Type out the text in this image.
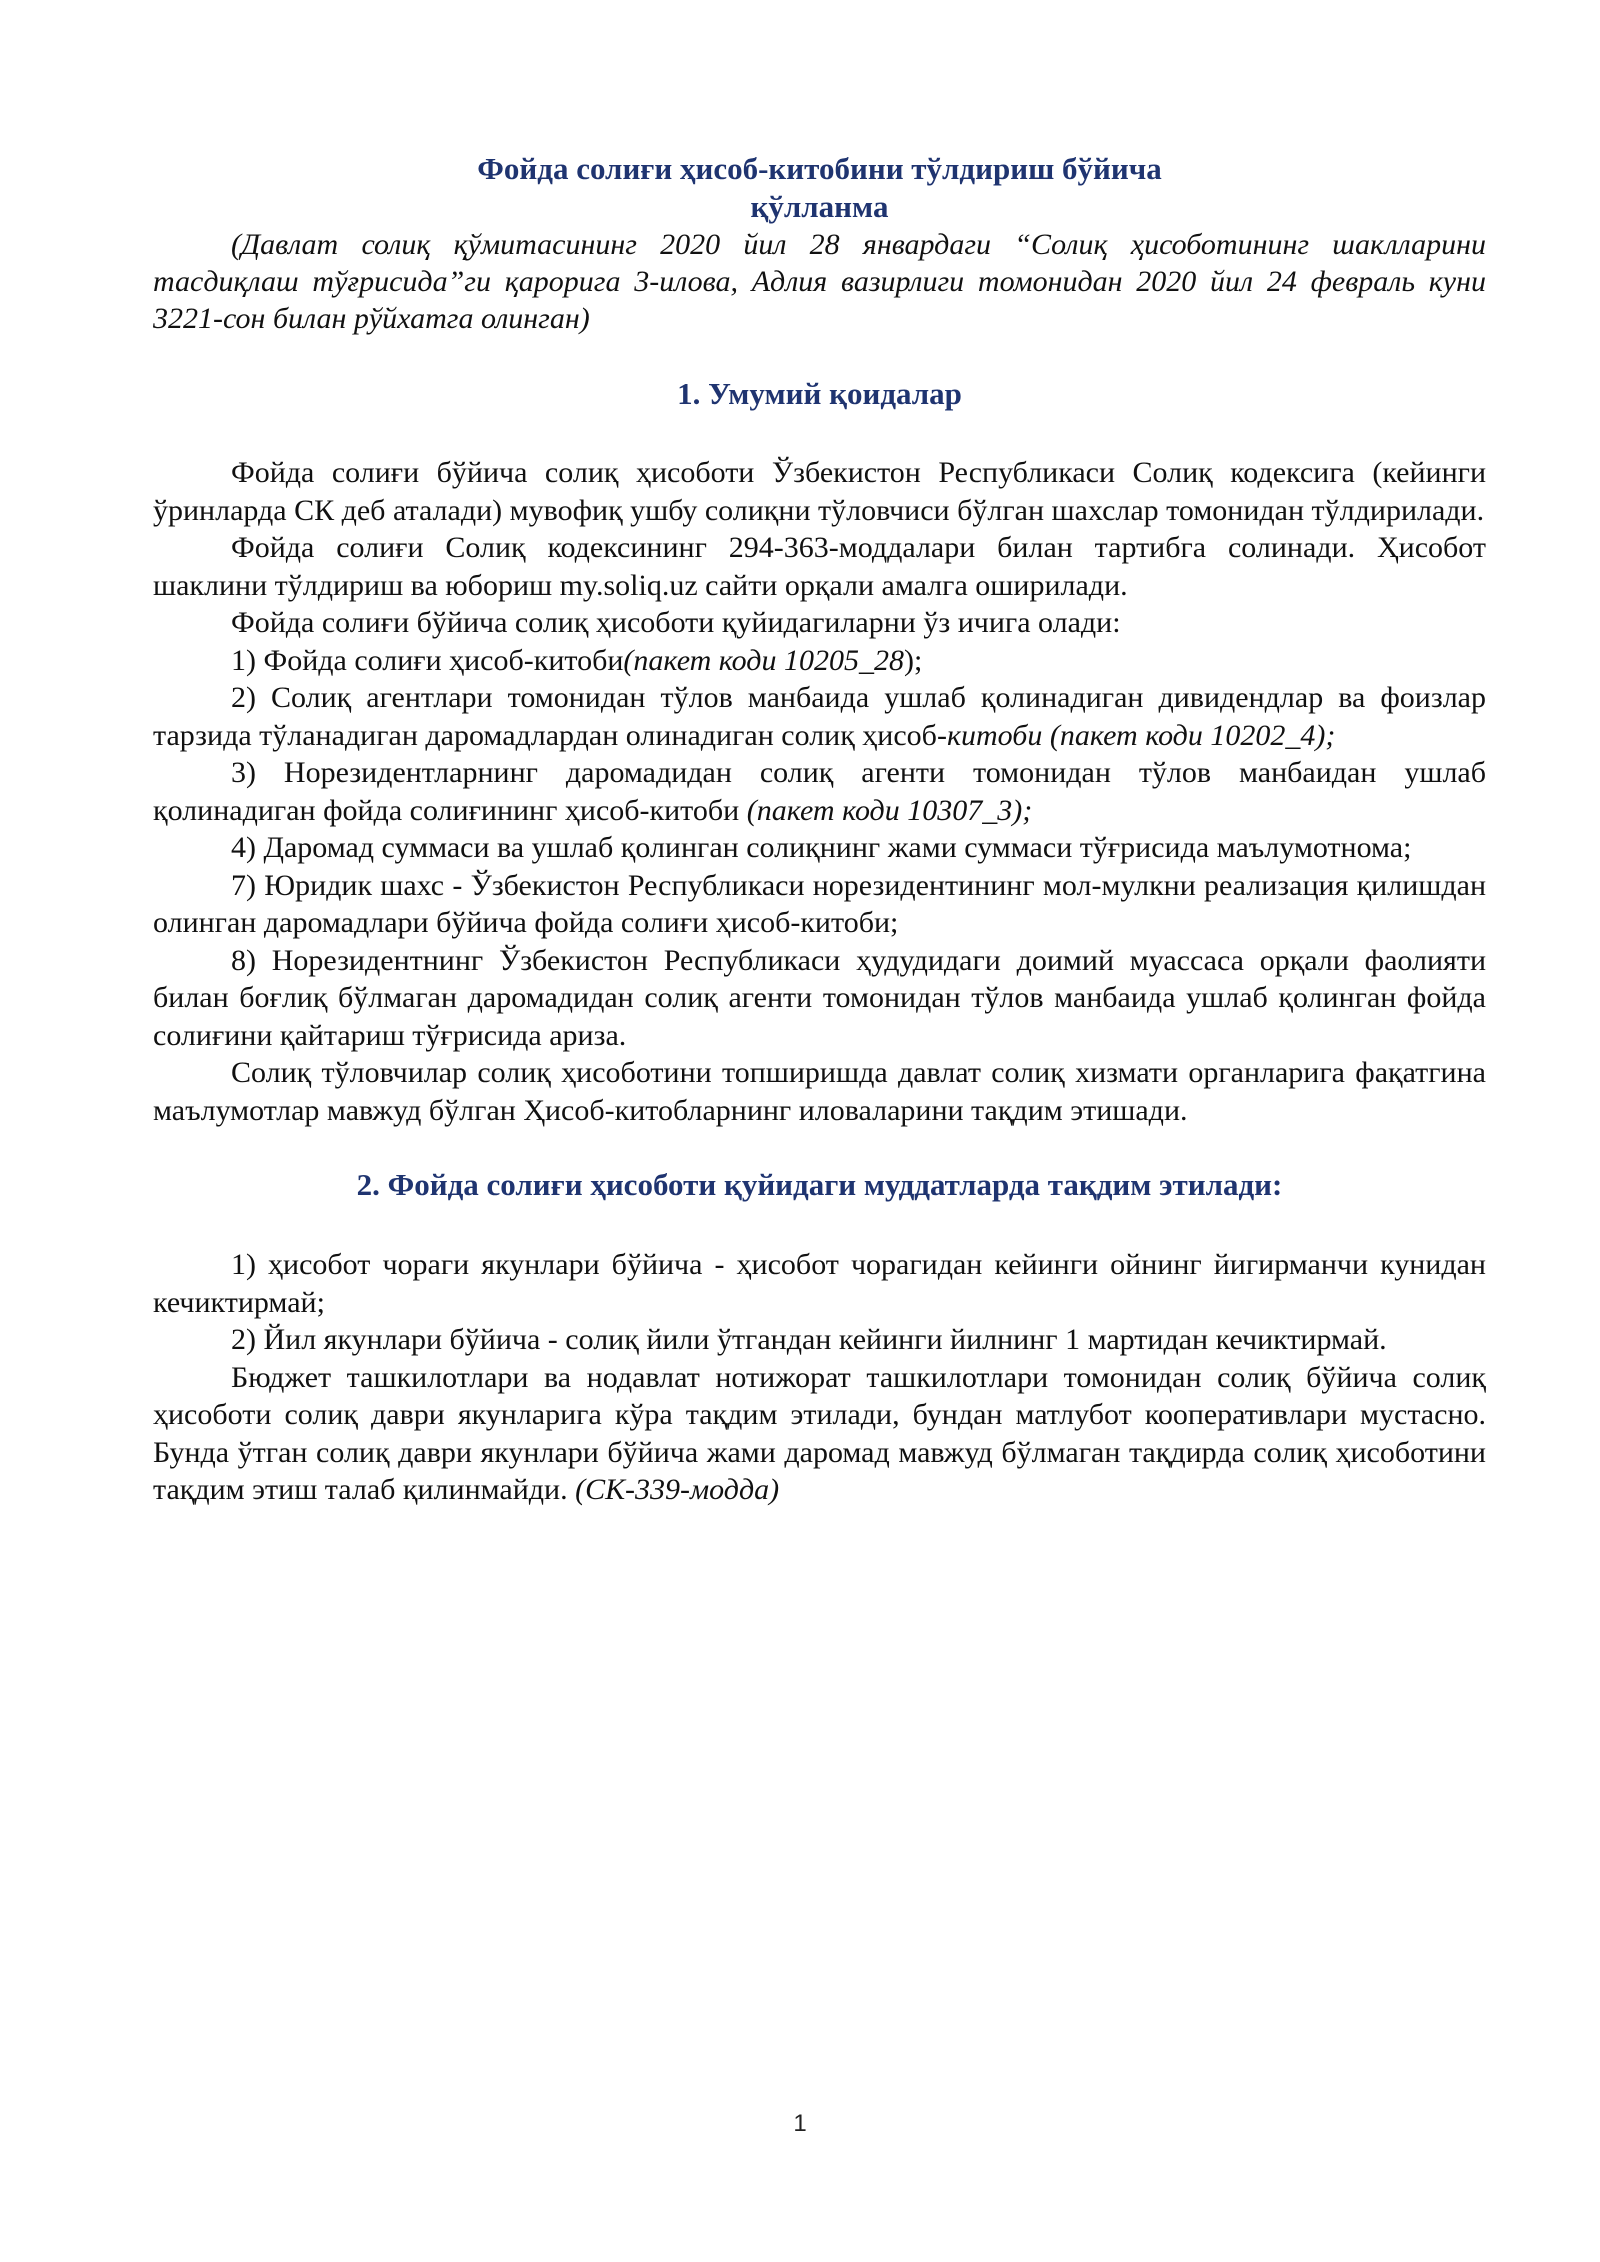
Фойда солиғи ҳисоб-китобини тўлдириш бўйича
қўлланма

(Давлат солиқ қўмитасининг 2020 йил 28 январдаги “Солиқ ҳисоботининг шаклларини тасдиқлаш тўғрисида”ги қарорига 3-илова, Адлия вазирлиги томонидан 2020 йил 24 февраль куни 3221-сон билан рўйхатга олинган)

1. Умумий қоидалар

Фойда солиғи бўйича солиқ ҳисоботи Ўзбекистон Республикаси Солиқ кодексига (кейинги ўринларда СК деб аталади) мувофиқ ушбу солиқни тўловчиси бўлган шахслар томонидан тўлдирилади.

Фойда солиғи Солиқ кодексининг 294-363-моддалари билан тартибга солинади. Ҳисобот шаклини тўлдириш ва юбориш my.soliq.uz сайти орқали амалга оширилади.

Фойда солиғи бўйича солиқ ҳисоботи қуйидагиларни ўз ичига олади:

1) Фойда солиғи ҳисоб-китоби(пакет коди 10205_28);

2) Солиқ агентлари томонидан тўлов манбаида ушлаб қолинадиган дивидендлар ва фоизлар тарзида тўланадиган даромадлардан олинадиган солиқ ҳисоб-китоби (пакет коди 10202_4);

3) Норезидентларнинг даромадидан солиқ агенти томонидан тўлов манбаидан ушлаб қолинадиган фойда солиғининг ҳисоб-китоби (пакет коди 10307_3);

4) Даромад суммаси ва ушлаб қолинган солиқнинг жами суммаси тўғрисида маълумотнома;

7) Юридик шахс - Ўзбекистон Республикаси норезидентининг мол-мулкни реализация қилишдан олинган даромадлари бўйича фойда солиғи ҳисоб-китоби;

8) Норезидентнинг Ўзбекистон Республикаси ҳудудидаги доимий муассаса орқали фаолияти билан боғлиқ бўлмаган даромадидан солиқ агенти томонидан тўлов манбаида ушлаб қолинган фойда солиғини қайтариш тўғрисида ариза.

Солиқ тўловчилар солиқ ҳисоботини топширишда давлат солиқ хизмати органларига фақатгина маълумотлар мавжуд бўлган Ҳисоб-китобларнинг иловаларини тақдим этишади.

2. Фойда солиғи ҳисоботи қуйидаги муддатларда тақдим этилади:

1) ҳисобот чораги якунлари бўйича - ҳисобот чорагидан кейинги ойнинг йигирманчи кунидан кечиктирмай;

2) Йил якунлари бўйича - солиқ йили ўтгандан кейинги йилнинг 1 мартидан кечиктирмай.

Бюджет ташкилотлари ва нодавлат нотижорат ташкилотлари томонидан солиқ бўйича солиқ ҳисоботи солиқ даври якунларига кўра тақдим этилади, бундан матлубот кооперативлари мустасно. Бунда ўтган солиқ даври якунлари бўйича жами даромад мавжуд бўлмаган тақдирда солиқ ҳисоботини тақдим этиш талаб қилинмайди. (СК-339-модда)

1
